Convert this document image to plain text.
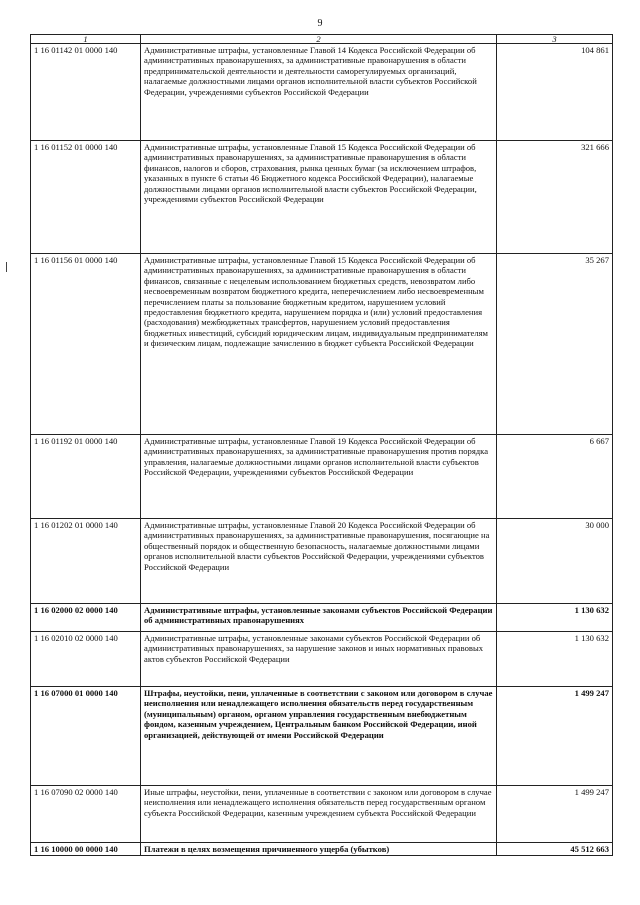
9
1	2	3
1 16 01142 01 0000 140	Административные штрафы, установленные Главой 14 Кодекса Российской Федерации об административных правонарушениях, за административные правонарушения в области предпринимательской деятельности и деятельности саморегулируемых организаций, налагаемые должностными лицами органов исполнительной власти субъектов Российской Федерации, учреждениями субъектов Российской Федерации	104 861
1 16 01152 01 0000 140	Административные штрафы, установленные Главой 15 Кодекса Российской Федерации об административных правонарушениях, за административные правонарушения в области финансов, налогов и сборов, страхования, рынка ценных бумаг (за исключением штрафов, указанных в пункте 6 статьи 46 Бюджетного кодекса Российской Федерации), налагаемые должностными лицами органов исполнительной власти субъектов Российской Федерации, учреждениями субъектов Российской Федерации	321 666
1 16 01156 01 0000 140	Административные штрафы, установленные Главой 15 Кодекса Российской Федерации об административных правонарушениях, за административные правонарушения в области финансов, связанные с нецелевым использованием бюджетных средств, невозвратом либо несвоевременным возвратом бюджетного кредита, неперечислением либо несвоевременным перечислением платы за пользование бюджетным кредитом, нарушением условий предоставления бюджетного кредита, нарушением порядка и (или) условий предоставления (расходования) межбюджетных трансфертов, нарушением условий предоставления бюджетных инвестиций, субсидий юридическим лицам, индивидуальным предпринимателям и физическим лицам, подлежащие зачислению в бюджет субъекта Российской Федерации	35 267
1 16 01192 01 0000 140	Административные штрафы, установленные Главой 19 Кодекса Российской Федерации об административных правонарушениях, за административные правонарушения против порядка управления, налагаемые должностными лицами органов исполнительной власти субъектов Российской Федерации, учреждениями субъектов Российской Федерации	6 667
1 16 01202 01 0000 140	Административные штрафы, установленные Главой 20 Кодекса Российской Федерации об административных правонарушениях, за административные правонарушения, посягающие на общественный порядок и общественную безопасность, налагаемые должностными лицами органов исполнительной власти субъектов Российской Федерации, учреждениями субъектов Российской Федерации	30 000
1 16 02000 02 0000 140	Административные штрафы, установленные законами субъектов Российской Федерации об административных правонарушениях	1 130 632
1 16 02010 02 0000 140	Административные штрафы, установленные законами субъектов Российской Федерации об административных правонарушениях, за нарушение законов и иных нормативных правовых актов субъектов Российской Федерации	1 130 632
1 16 07000 01 0000 140	Штрафы, неустойки, пени, уплаченные в соответствии с законом или договором в случае неисполнения или ненадлежащего исполнения обязательств перед государственным (муниципальным) органом, органом управления государственным внебюджетным фондом, казенным учреждением, Центральным банком Российской Федерации, иной организацией, действующей от имени Российской Федерации	1 499 247
1 16 07090 02 0000 140	Иные штрафы, неустойки, пени, уплаченные в соответствии с законом или договором в случае неисполнения или ненадлежащего исполнения обязательств перед государственным органом субъекта Российской Федерации, казенным учреждением субъекта Российской Федерации	1 499 247
1 16 10000 00 0000 140	Платежи в целях возмещения причиненного ущерба (убытков)	45 512 663
